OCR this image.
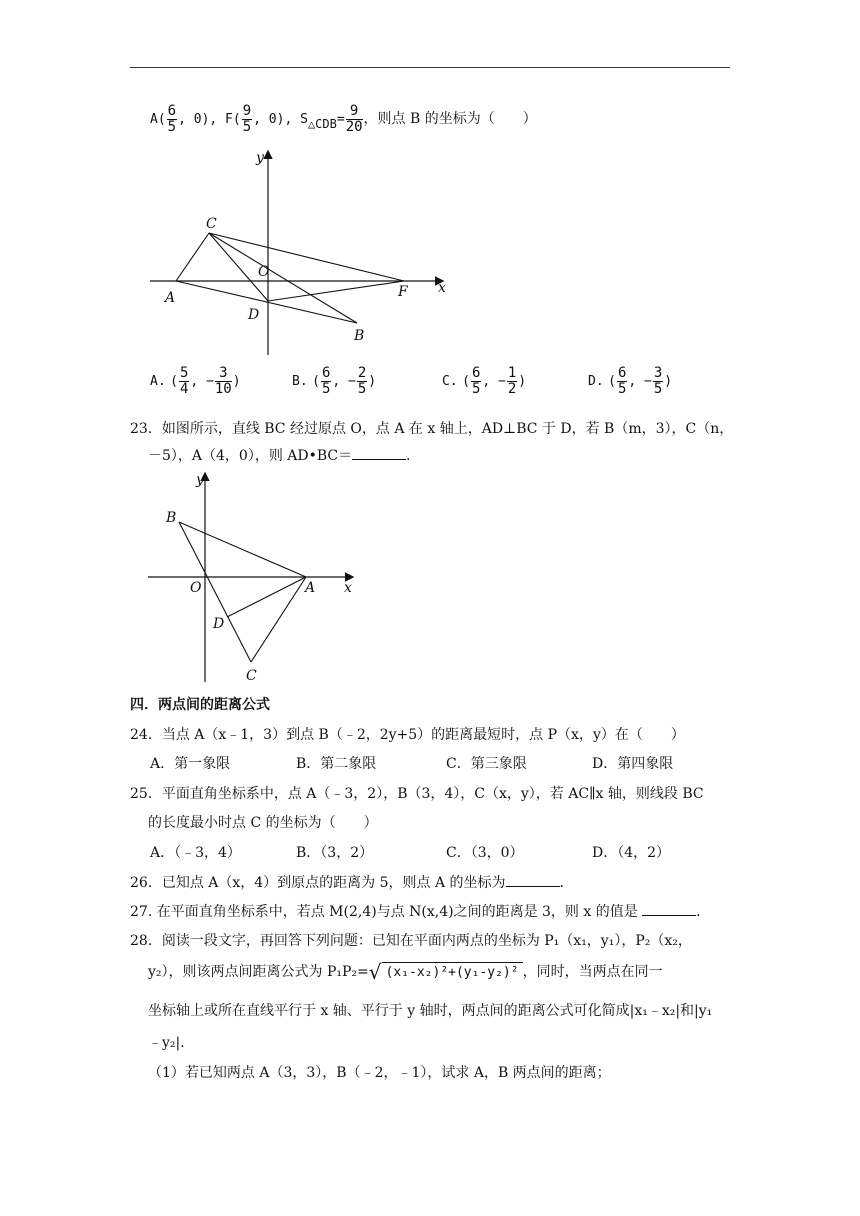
$A( \frac{6}{5}$ , 0), $F( \frac{9}{5}$ , 0), S△CDB= $\frac{9}{20}$ ，则点 B 的坐标为（　　）
y
C
O
A
D
F x
B
A. ( $\frac{5}{4}$ , − $\frac{3}{10}$ )	B. ( $\frac{6}{5}$ , − $\frac{2}{5}$ )	C. ( $\frac{6}{5}$ , − $\frac{1}{2}$ )	D. ( $\frac{6}{5}$ , − $\frac{3}{5}$ )
23．如图所示，直线 BC 经过原点 O，点 A 在 x 轴上，AD⊥BC 于 D，若 B（m，3），C（n，
－5），A（4，0），则 AD•BC＝	．
y
B
O	A x
D
C
四．两点间的距离公式
24．当点 A（x﹣1，3）到点 B（﹣2，2y+5）的距离最短时，点 P（x，y）在（　　）
A．第一象限	B．第二象限	C．第三象限	D．第四象限
25．平面直角坐标系中，点 A（﹣3，2），B（3，4），C（x，y），若 AC∥x 轴，则线段 BC
的长度最小时点 C 的坐标为（　　）
A．（﹣3，4）	B．（3，2）	C．（3，0）	D．（4，2）
26．已知点 A（x，4）到原点的距离为 5，则点 A 的坐标为	．
27. 在平面直角坐标系中，若点 M(2,4)与点 N(x,4)之间的距离是 3，则 x 的值是	．
28．阅读一段文字，再回答下列问题：已知在平面内两点的坐标为 P₁（x₁，y₁），P₂（x₂，
y₂），则该两点间距离公式为 P₁P₂=√ (x₁-x₂)²+(y₁-y₂)² ，同时，当两点在同一
坐标轴上或所在直线平行于 x 轴、平行于 y 轴时，两点间的距离公式可化简成|x₁﹣x₂|和|y₁
﹣y₂|．
（1）若已知两点 A（3，3），B（﹣2，﹣1），试求 A，B 两点间的距离；
